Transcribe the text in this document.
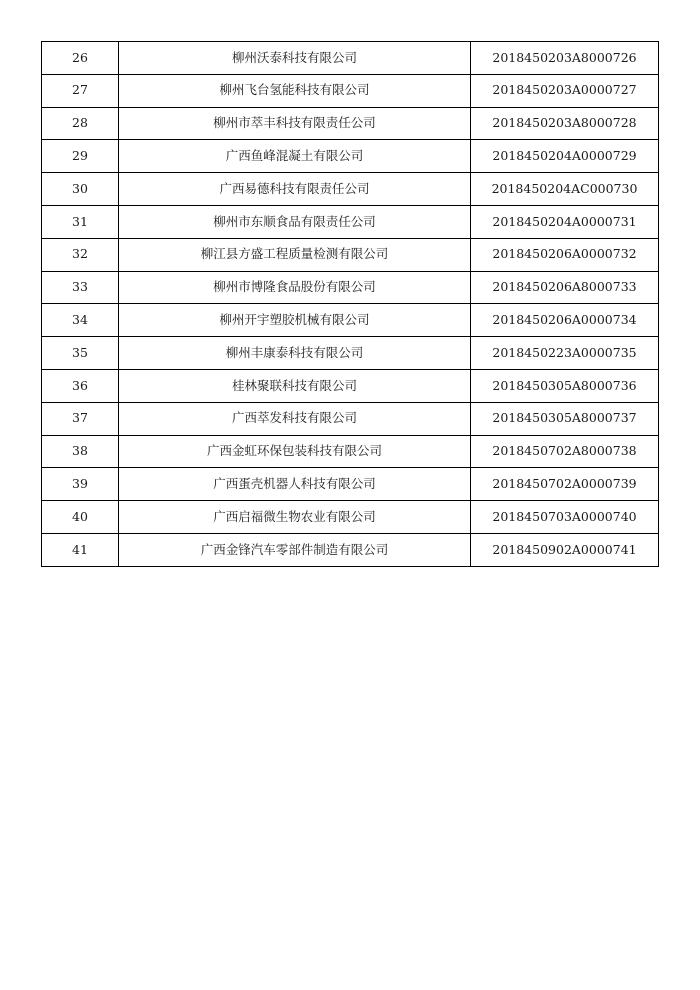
26	柳州沃泰科技有限公司	2018450203A8000726
27	柳州飞台氢能科技有限公司	2018450203A0000727
28	柳州市萃丰科技有限责任公司	2018450203A8000728
29	广西鱼峰混凝土有限公司	2018450204A0000729
30	广西易德科技有限责任公司	2018450204AC000730
31	柳州市东顺食品有限责任公司	2018450204A0000731
32	柳江县方盛工程质量检测有限公司	2018450206A0000732
33	柳州市博隆食品股份有限公司	2018450206A8000733
34	柳州开宇塑胶机械有限公司	2018450206A0000734
35	柳州丰康泰科技有限公司	2018450223A0000735
36	桂林聚联科技有限公司	2018450305A8000736
37	广西萃发科技有限公司	2018450305A8000737
38	广西金虹环保包装科技有限公司	2018450702A8000738
39	广西蛋壳机器人科技有限公司	2018450702A0000739
40	广西启福微生物农业有限公司	2018450703A0000740
41	广西金锋汽车零部件制造有限公司	2018450902A0000741
